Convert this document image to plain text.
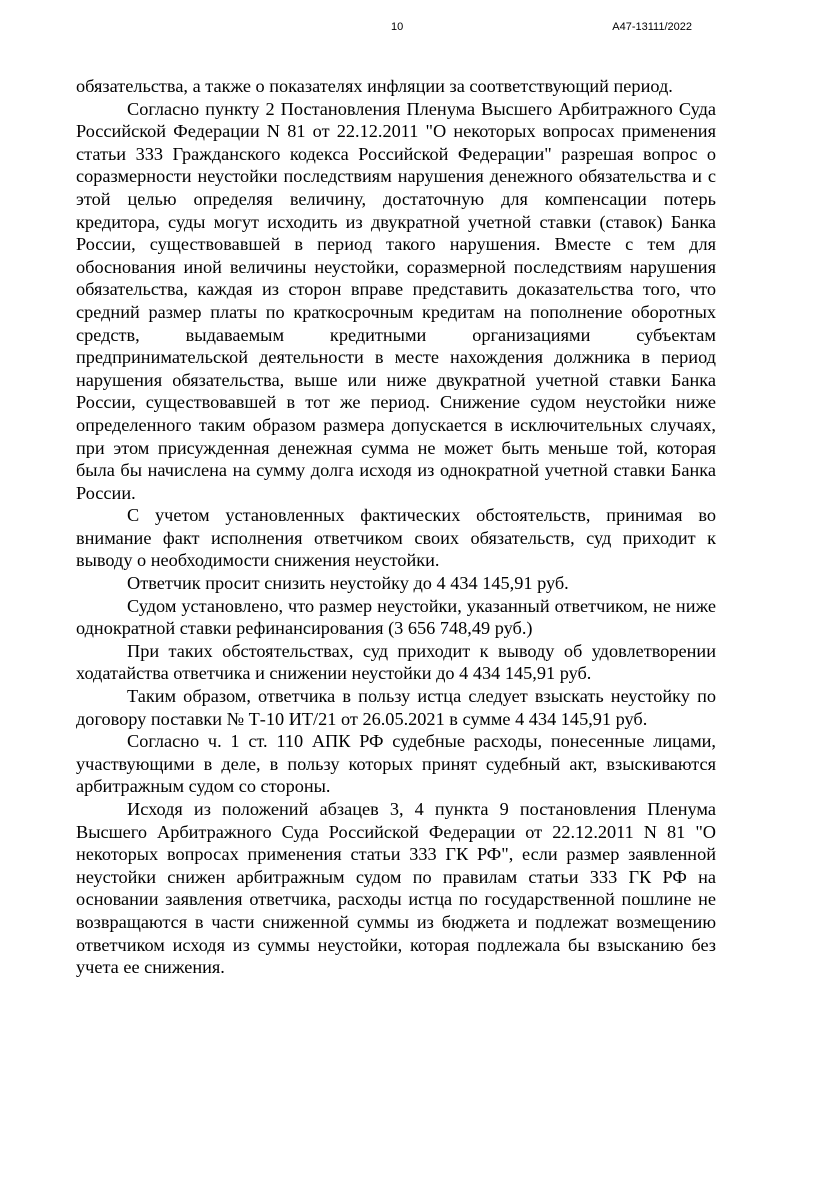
10	А47-13111/2022

обязательства, а также о показателях инфляции за соответствующий период.

Согласно пункту 2 Постановления Пленума Высшего Арбитражного Суда Российской Федерации N 81 от 22.12.2011 "О некоторых вопросах применения статьи 333 Гражданского кодекса Российской Федерации" разрешая вопрос о соразмерности неустойки последствиям нарушения денежного обязательства и с этой целью определяя величину, достаточную для компенсации потерь кредитора, суды могут исходить из двукратной учетной ставки (ставок) Банка России, существовавшей в период такого нарушения. Вместе с тем для обоснования иной величины неустойки, соразмерной последствиям нарушения обязательства, каждая из сторон вправе представить доказательства того, что средний размер платы по краткосрочным кредитам на пополнение оборотных средств, выдаваемым кредитными организациями субъектам предпринимательской деятельности в месте нахождения должника в период нарушения обязательства, выше или ниже двукратной учетной ставки Банка России, существовавшей в тот же период. Снижение судом неустойки ниже определенного таким образом размера допускается в исключительных случаях, при этом присужденная денежная сумма не может быть меньше той, которая была бы начислена на сумму долга исходя из однократной учетной ставки Банка России.

С учетом установленных фактических обстоятельств, принимая во внимание факт исполнения ответчиком своих обязательств, суд приходит к выводу о необходимости снижения неустойки.

Ответчик просит снизить неустойку до 4 434 145,91 руб.

Судом установлено, что размер неустойки, указанный ответчиком, не ниже однократной ставки рефинансирования (3 656 748,49 руб.)

При таких обстоятельствах, суд приходит к выводу об удовлетворении ходатайства ответчика и снижении неустойки до 4 434 145,91 руб.

Таким образом, ответчика в пользу истца следует взыскать неустойку по договору поставки № Т-10 ИТ/21 от 26.05.2021 в сумме 4 434 145,91 руб.

Согласно ч. 1 ст. 110 АПК РФ судебные расходы, понесенные лицами, участвующими в деле, в пользу которых принят судебный акт, взыскиваются арбитражным судом со стороны.

Исходя из положений абзацев 3, 4 пункта 9 постановления Пленума Высшего Арбитражного Суда Российской Федерации от 22.12.2011 N 81 "О некоторых вопросах применения статьи 333 ГК РФ", если размер заявленной неустойки снижен арбитражным судом по правилам статьи 333 ГК РФ на основании заявления ответчика, расходы истца по государственной пошлине не возвращаются в части сниженной суммы из бюджета и подлежат возмещению ответчиком исходя из суммы неустойки, которая подлежала бы взысканию без учета ее снижения.
